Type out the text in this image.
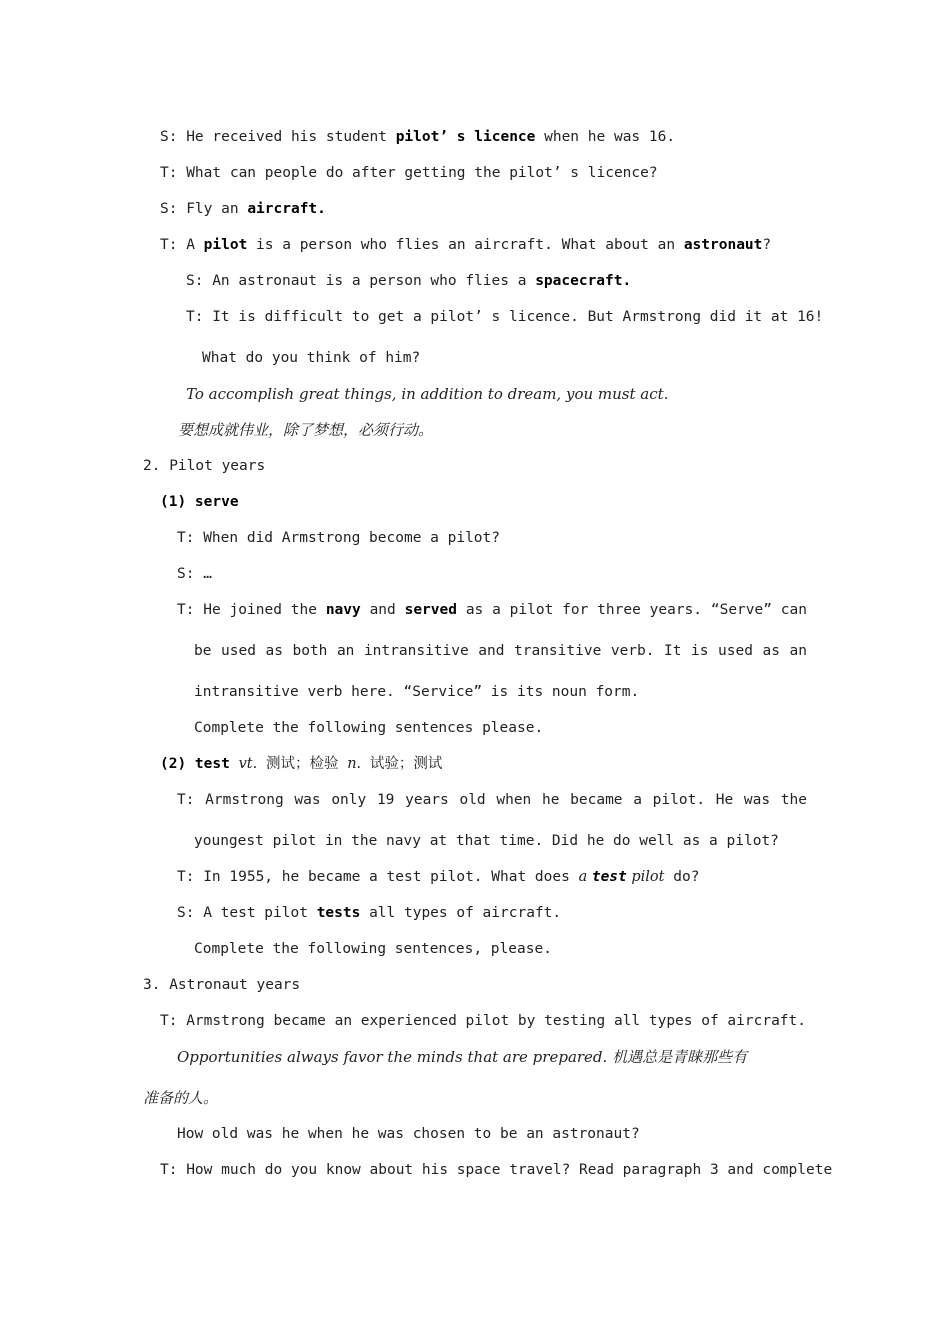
S: He received his student pilot’ s licence when he was 16.
T: What can people do after getting the pilot’ s licence?
S: Fly an aircraft.
T: A pilot is a person who flies an aircraft. What about an astronaut?
S: An astronaut is a person who flies a spacecraft.
T: It is difficult to get a pilot’ s licence. But Armstrong did it at 16!
What do you think of him?
To accomplish great things, in addition to dream, you must act.
要想成就伟业，除了梦想，必须行动。
2. Pilot years
(1) serve
T: When did Armstrong become a pilot?
S: …
T: He joined the navy and served as a pilot for three years. “Serve” can
be used as both an intransitive and transitive verb. It is used as an
intransitive verb here. “Service” is its noun form.
Complete the following sentences please.
(2) test vt. 测试；检验 n. 试验；测试
T: Armstrong was only 19 years old when he became a pilot. He was the
youngest pilot in the navy at that time. Did he do well as a pilot?
T: In 1955, he became a test pilot. What does a test pilot do?
S: A test pilot tests all types of aircraft.
Complete the following sentences, please.
3. Astronaut years
T: Armstrong became an experienced pilot by testing all types of aircraft.
Opportunities always favor the minds that are prepared. 机遇总是青睐那些有
准备的人。
How old was he when he was chosen to be an astronaut?
T: How much do you know about his space travel? Read paragraph 3 and complete
